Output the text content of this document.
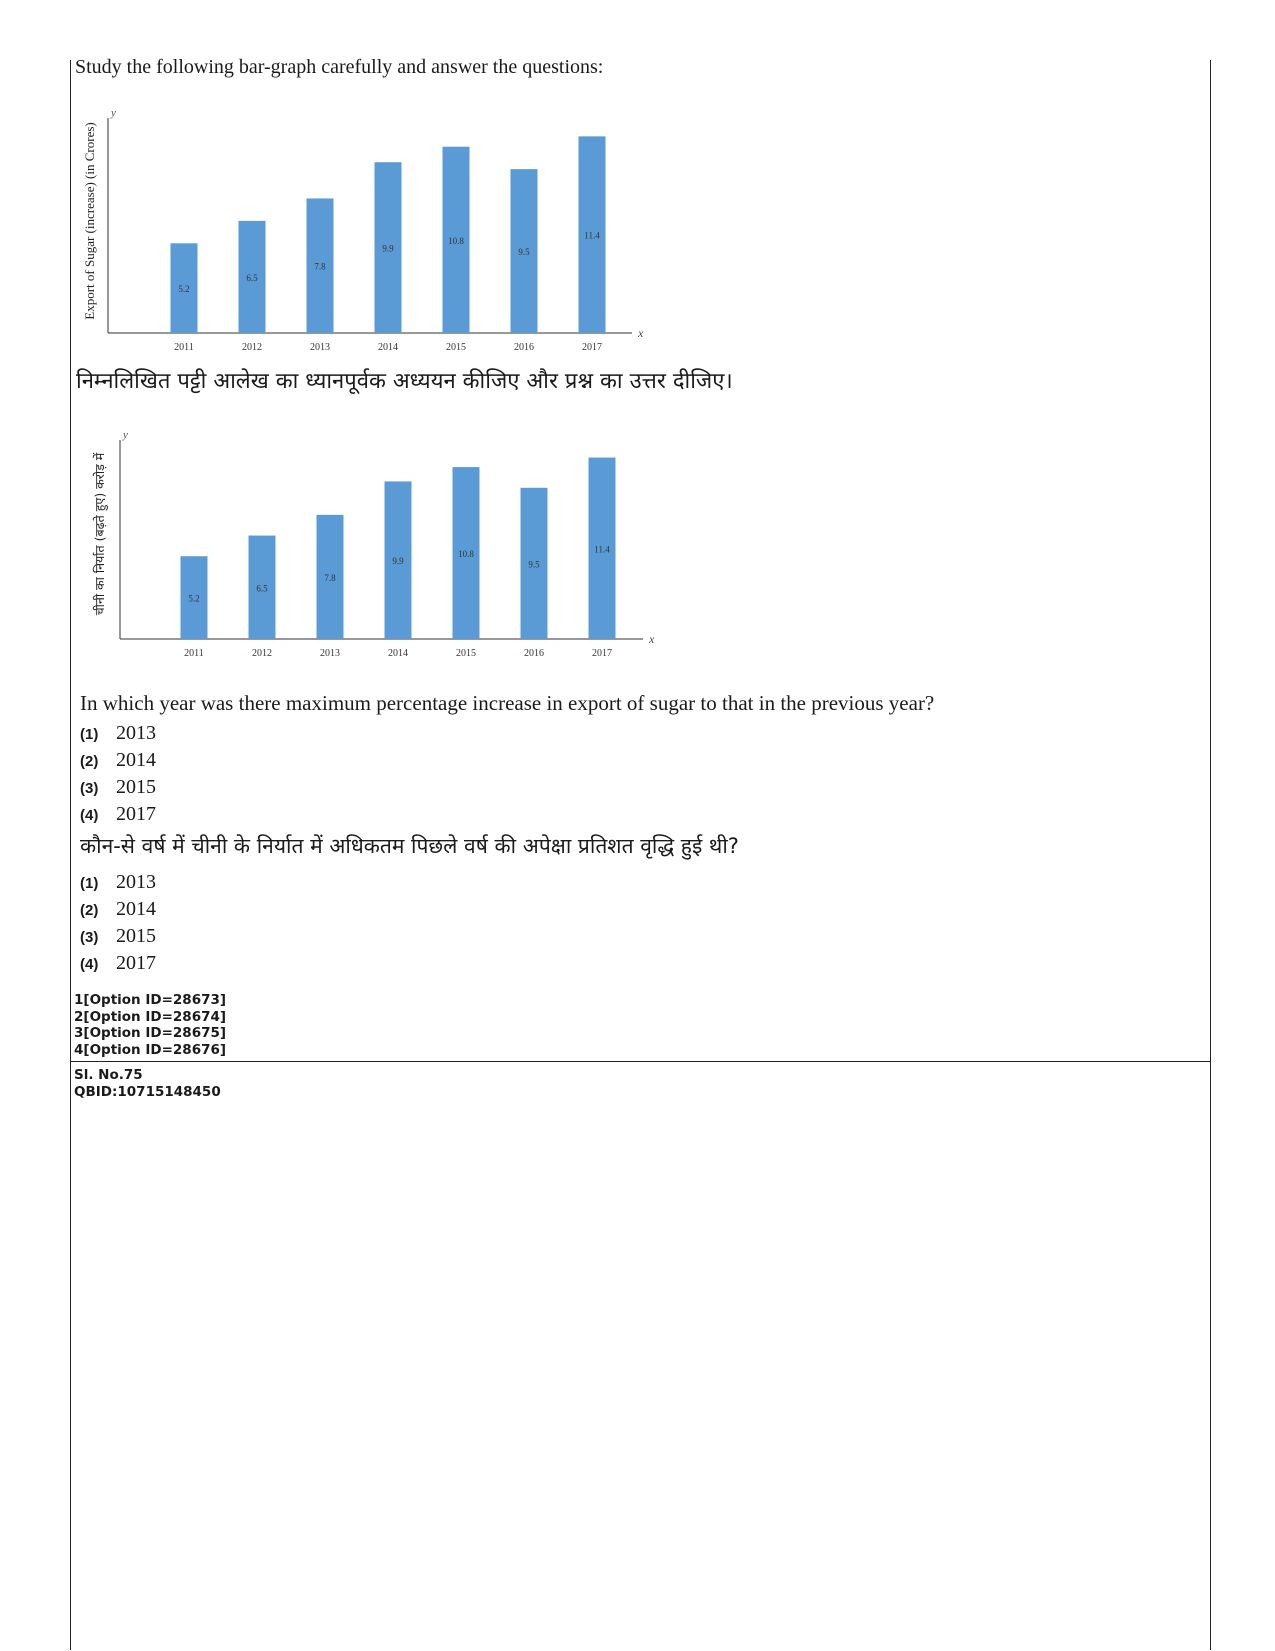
Study the following bar-graph carefully and answer the questions:
y
x
Export of Sugar (increase) (in Crores)	5.2
2011
6.5
2012
7.8
2013
9.9
2014
10.8
2015
9.5
2016
11.4
2017
निम्नलिखित पट्टी आलेख का ध्यानपूर्वक अध्ययन कीजिए और प्रश्न का उत्तर दीजिए।
y
x
चीनी का निर्यात (बढ़ते हुए) करोड़ में	5.2
2011
6.5
2012
7.8
2013
9.9
2014
10.8
2015
9.5
2016
11.4
2017
In which year was there maximum percentage increase in export of sugar to that in the previous year?
(1) 2013
(2) 2014
(3) 2015
(4) 2017
कौन-से वर्ष में चीनी के निर्यात में अधिकतम पिछले वर्ष की अपेक्षा प्रतिशत वृद्धि हुई थी?
(1) 2013
(2) 2014
(3) 2015
(4) 2017
1[Option ID=28673]
2[Option ID=28674]
3[Option ID=28675]
4[Option ID=28676]
Sl. No.75
QBID:10715148450
